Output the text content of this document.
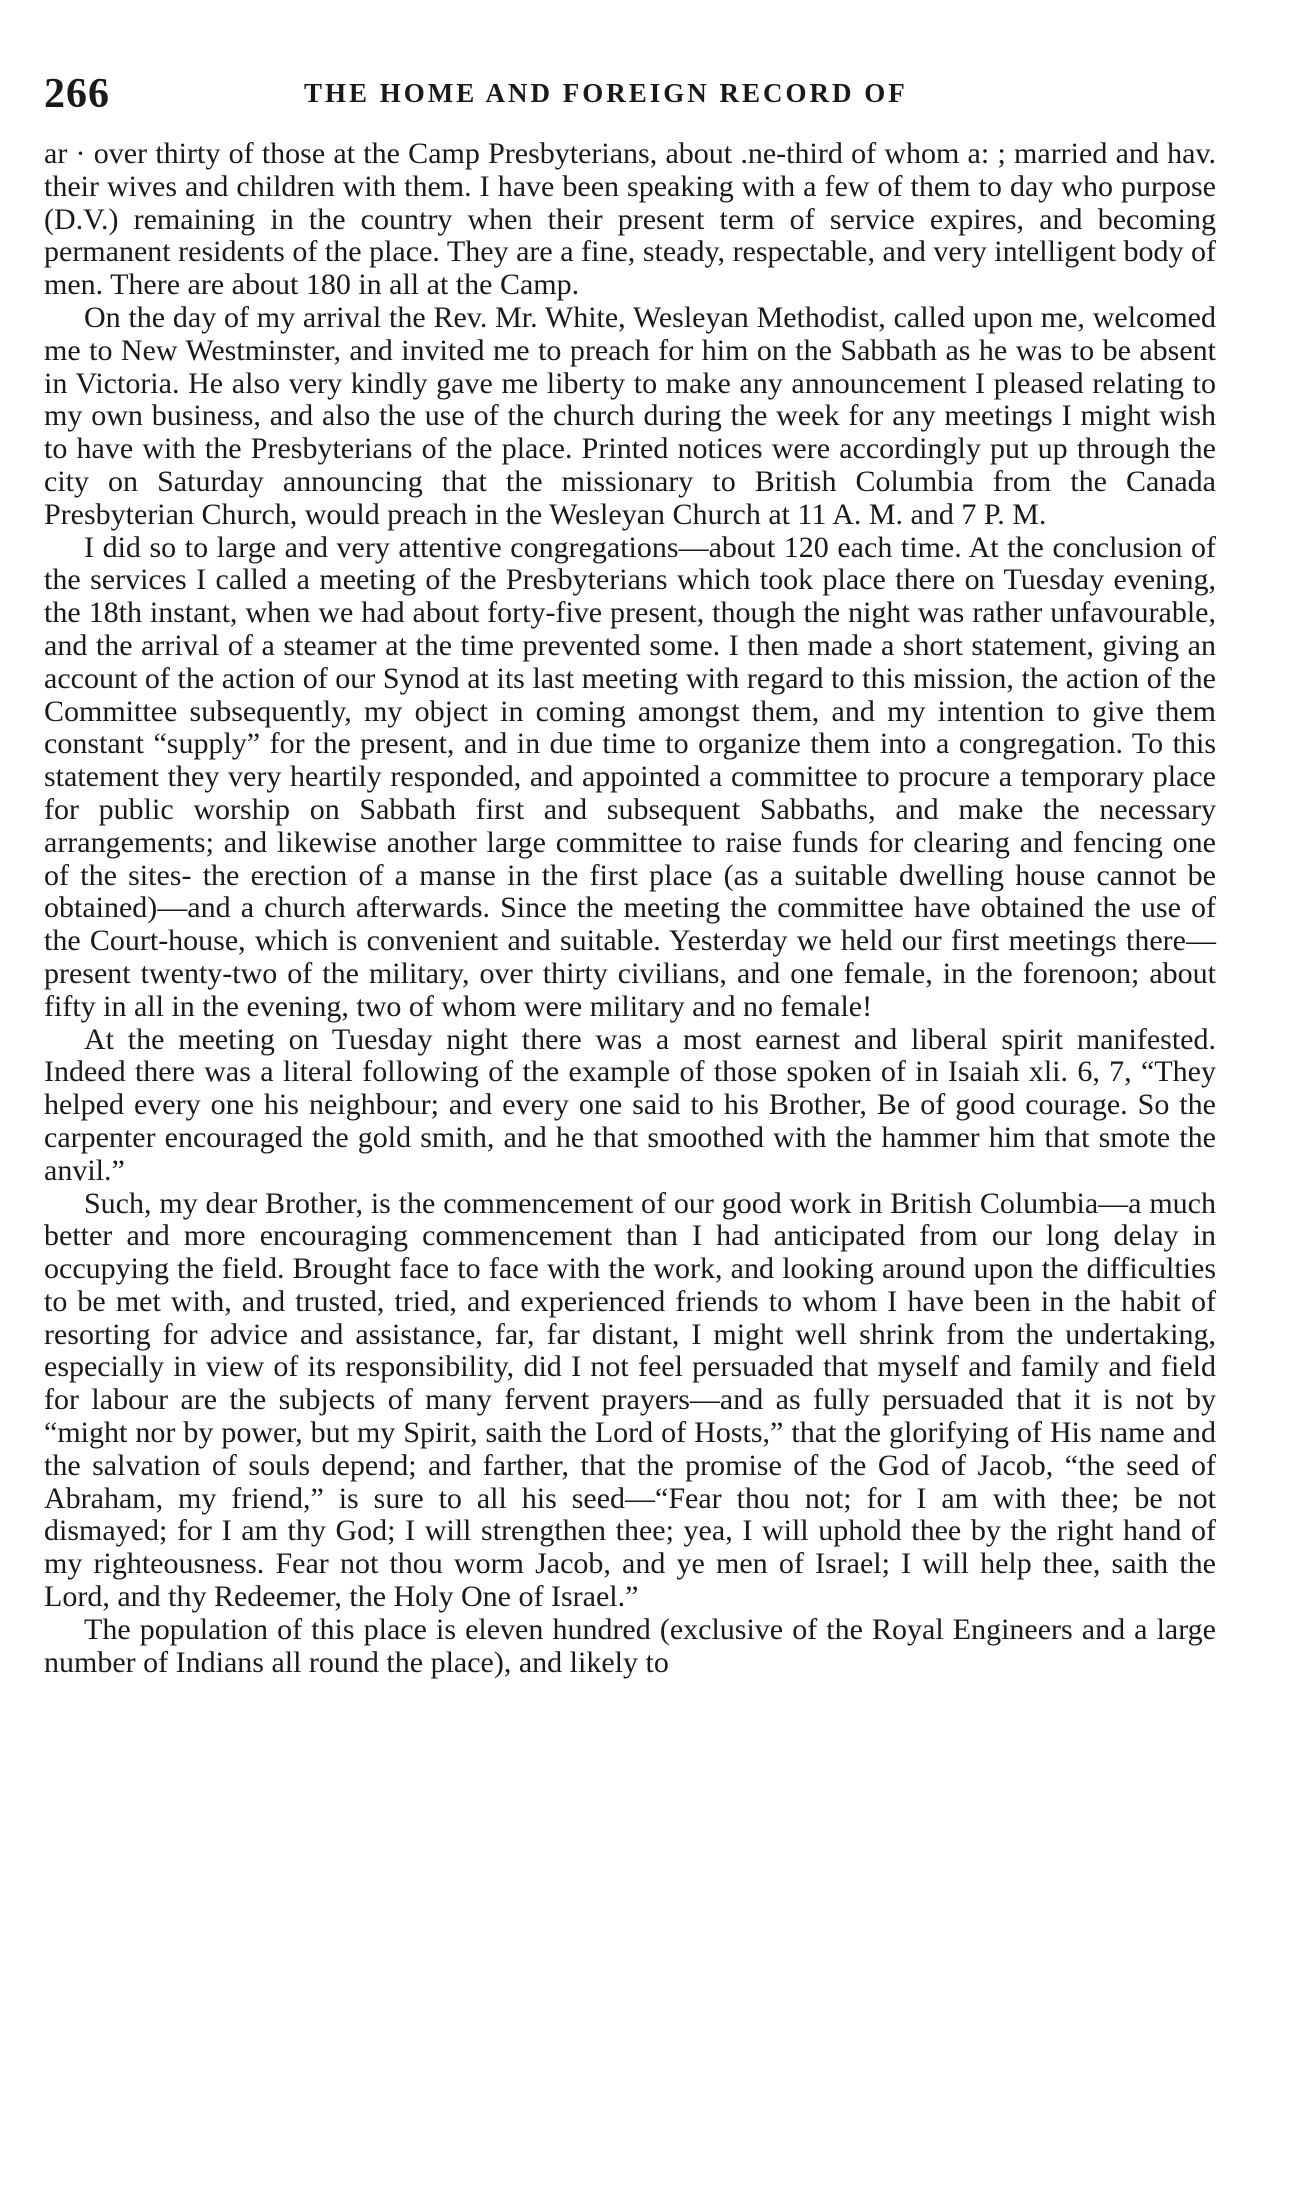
266	THE HOME AND FOREIGN RECORD OF

ar · over thirty of those at the Camp Presbyterians, about .ne-third of whom a: ; married and hav. their wives and children with them. I have been speaking with a few of them to day who purpose (D.V.) remaining in the country when their present term of service expires, and becoming permanent residents of the place. They are a fine, steady, respectable, and very intelligent body of men. There are about 180 in all at the Camp.

On the day of my arrival the Rev. Mr. White, Wesleyan Methodist, called upon me, welcomed me to New Westminster, and invited me to preach for him on the Sabbath as he was to be absent in Victoria. He also very kindly gave me liberty to make any announcement I pleased relating to my own business, and also the use of the church during the week for any meetings I might wish to have with the Presbyterians of the place. Printed notices were accordingly put up through the city on Saturday announcing that the missionary to British Columbia from the Canada Presbyterian Church, would preach in the Wesleyan Church at 11 A. M. and 7 P. M.

I did so to large and very attentive congregations—about 120 each time. At the conclusion of the services I called a meeting of the Presbyterians which took place there on Tuesday evening, the 18th instant, when we had about forty-five present, though the night was rather unfavourable, and the arrival of a steamer at the time prevented some. I then made a short statement, giving an account of the action of our Synod at its last meeting with regard to this mission, the action of the Committee subsequently, my object in coming amongst them, and my intention to give them constant “supply” for the present, and in due time to organize them into a congregation. To this statement they very heartily responded, and appointed a committee to procure a temporary place for public worship on Sabbath first and subsequent Sabbaths, and make the necessary arrangements; and likewise another large committee to raise funds for clearing and fencing one of the sites- the erection of a manse in the first place (as a suitable dwelling house cannot be obtained)—and a church afterwards. Since the meeting the committee have obtained the use of the Court-house, which is convenient and suitable. Yesterday we held our first meetings there—present twenty-two of the military, over thirty civilians, and one female, in the forenoon; about fifty in all in the evening, two of whom were military and no female!

At the meeting on Tuesday night there was a most earnest and liberal spirit manifested. Indeed there was a literal following of the example of those spoken of in Isaiah xli. 6, 7, “They helped every one his neighbour; and every one said to his Brother, Be of good courage. So the carpenter encouraged the gold smith, and he that smoothed with the hammer him that smote the anvil.”

Such, my dear Brother, is the commencement of our good work in British Columbia—a much better and more encouraging commencement than I had anticipated from our long delay in occupying the field. Brought face to face with the work, and looking around upon the difficulties to be met with, and trusted, tried, and experienced friends to whom I have been in the habit of resorting for advice and assistance, far, far distant, I might well shrink from the undertaking, especially in view of its responsibility, did I not feel persuaded that myself and family and field for labour are the subjects of many fervent prayers—and as fully persuaded that it is not by “might nor by power, but my Spirit, saith the Lord of Hosts,” that the glorifying of His name and the salvation of souls depend; and farther, that the promise of the God of Jacob, “the seed of Abraham, my friend,” is sure to all his seed—“Fear thou not; for I am with thee; be not dismayed; for I am thy God; I will strengthen thee; yea, I will uphold thee by the right hand of my righteousness. Fear not thou worm Jacob, and ye men of Israel; I will help thee, saith the Lord, and thy Redeemer, the Holy One of Israel.”

The population of this place is eleven hundred (exclusive of the Royal Engineers and a large number of Indians all round the place), and likely to
